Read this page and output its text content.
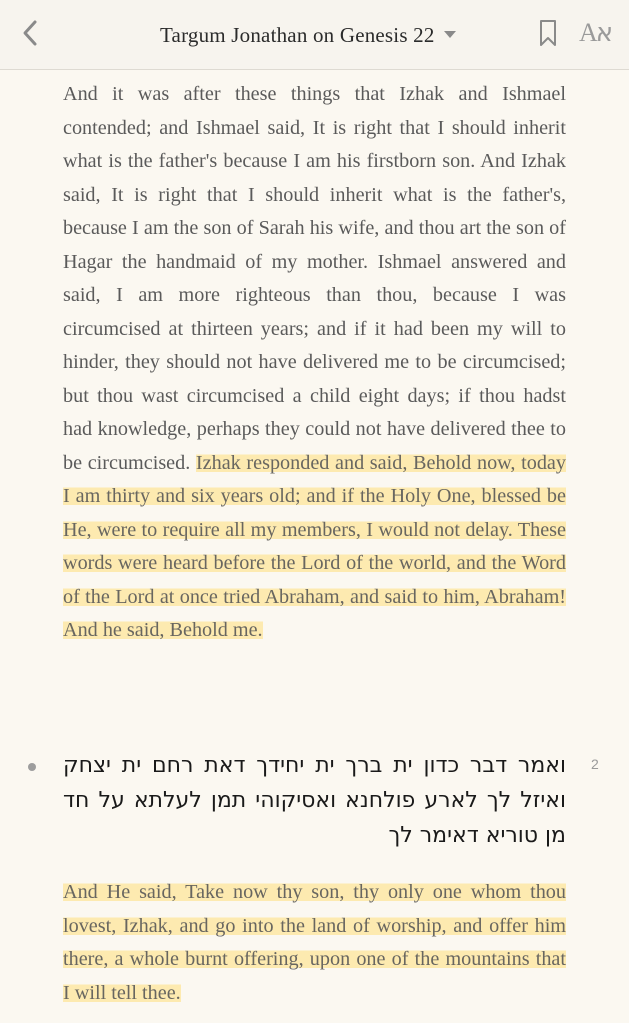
Targum Jonathan on Genesis 22	A
א
And it was after these things that Izhak and Ishmael contended; and Ishmael said, It is right that I should inherit what is the father's because I am his firstborn son. And Izhak said, It is right that I should inherit what is the father's, because I am the son of Sarah his wife, and thou art the son of Hagar the handmaid of my mother. Ishmael answered and said, I am more righteous than thou, because I was circumcised at thirteen years; and if it had been my will to hinder, they should not have delivered me to be circumcised; but thou wast circumcised a child eight days; if thou hadst had knowledge, perhaps they could not have delivered thee to be circumcised. Izhak responded and said, Behold now, today I am thirty and six years old; and if the Holy One, blessed be He, were to require all my members, I would not delay. These words were heard before the Lord of the world, and the Word of the Lord at once tried Abraham, and said to him, Abraham! And he said, Behold me.
2
ואמר דבר כדון ית ברך ית יחידך דאת רחם ית יצחק ואיזל לך לארע פולחנא ואסיקוהי תמן לעלתא על חד מן טוריא דאימר לך
And He said, Take now thy son, thy only one whom thou lovest, Izhak, and go into the land of worship, and offer him there, a whole burnt offering, upon one of the mountains that I will tell thee.
